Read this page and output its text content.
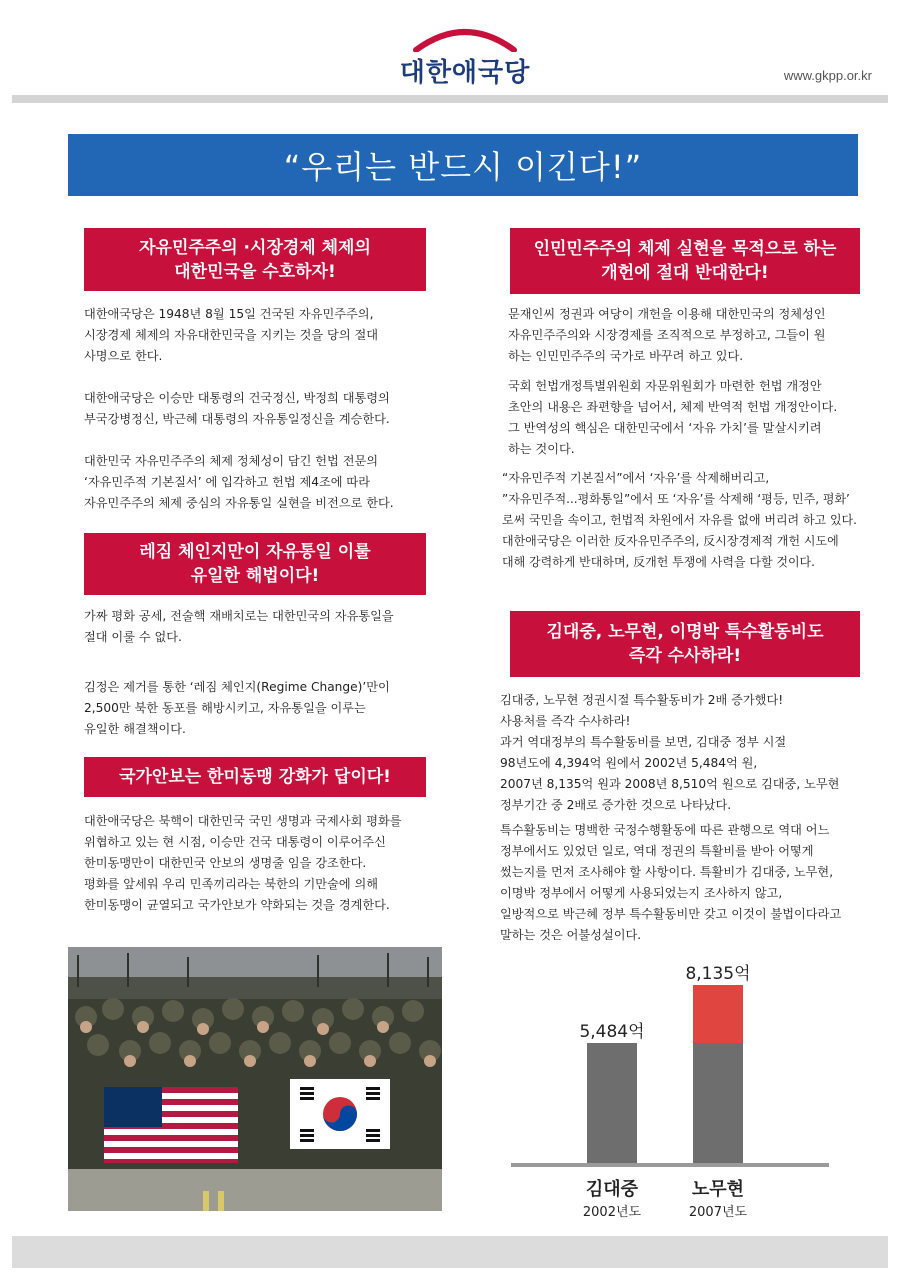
대한애국당	www.gkpp.or.kr
“우리는 반드시 이긴다!”
자유민주주의 ·시장경제 체제의
대한민국을 수호하자!
대한애국당은 1948년 8월 15일 건국된 자유민주주의,
시장경제 체제의 자유대한민국을 지키는 것을 당의 절대
사명으로 한다.
대한애국당은 이승만 대통령의 건국정신, 박정희 대통령의
부국강병정신, 박근혜 대통령의 자유통일정신을 계승한다.
대한민국 자유민주주의 체제 정체성이 담긴 헌법 전문의
‘자유민주적 기본질서’ 에 입각하고 헌법 제4조에 따라
자유민주주의 체제 중심의 자유통일 실현을 비전으로 한다.
레짐 체인지만이 자유통일 이룰
유일한 해법이다!
가짜 평화 공세, 전술핵 재배치로는 대한민국의 자유통일을
절대 이룰 수 없다.
김정은 제거를 통한 ‘레짐 체인지(Regime Change)’만이
2,500만 북한 동포를 해방시키고, 자유통일을 이루는
유일한 해결책이다.
국가안보는 한미동맹 강화가 답이다!
대한애국당은 북핵이 대한민국 국민 생명과 국제사회 평화를
위협하고 있는 현 시점, 이승만 건국 대통령이 이루어주신
한미동맹만이 대한민국 안보의 생명줄 임을 강조한다.
평화를 앞세워 우리 민족끼리라는 북한의 기만술에 의해
한미동맹이 균열되고 국가안보가 약화되는 것을 경계한다.
인민민주주의 체제 실현을 목적으로 하는
개헌에 절대 반대한다!
문재인씨 정권과 여당이 개헌을 이용해 대한민국의 정체성인
자유민주주의와 시장경제를 조직적으로 부정하고, 그들이 원
하는 인민민주주의 국가로 바꾸려 하고 있다.
국회 헌법개정특별위원회 자문위원회가 마련한 헌법 개정안
초안의 내용은 좌편향을 넘어서, 체제 반역적 헌법 개정안이다.
그 반역성의 핵심은 대한민국에서 ‘자유 가치’를 말살시키려
하는 것이다.
“자유민주적 기본질서”에서 ‘자유’를 삭제해버리고,
”자유민주적...평화통일”에서 또 ‘자유’를 삭제해 ‘평등, 민주, 평화’
로써 국민을 속이고, 헌법적 차원에서 자유를 없애 버리려 하고 있다.
대한애국당은 이러한 反자유민주주의, 反시장경제적 개헌 시도에
대해 강력하게 반대하며, 反개헌 투쟁에 사력을 다할 것이다.
김대중, 노무현, 이명박 특수활동비도
즉각 수사하라!
김대중, 노무현 정권시절 특수활동비가 2배 증가했다!
사용처를 즉각 수사하라!
과거 역대정부의 특수활동비를 보면, 김대중 정부 시절
98년도에 4,394억 원에서 2002년 5,484억 원,
2007년 8,135억 원과 2008년 8,510억 원으로 김대중, 노무현
정부기간 중 2배로 증가한 것으로 나타났다.
특수활동비는 명백한 국정수행활동에 따른 관행으로 역대 어느
정부에서도 있었던 일로, 역대 정권의 특활비를 받아 어떻게
썼는지를 먼저 조사해야 할 사항이다. 특활비가 김대중, 노무현,
이명박 정부에서 어떻게 사용되었는지 조사하지 않고,
일방적으로 박근혜 정부 특수활동비만 갖고 이것이 불법이다라고
말하는 것은 어불성설이다.
5,484억
김대중
2002년도
8,135억
노무현
2007년도
